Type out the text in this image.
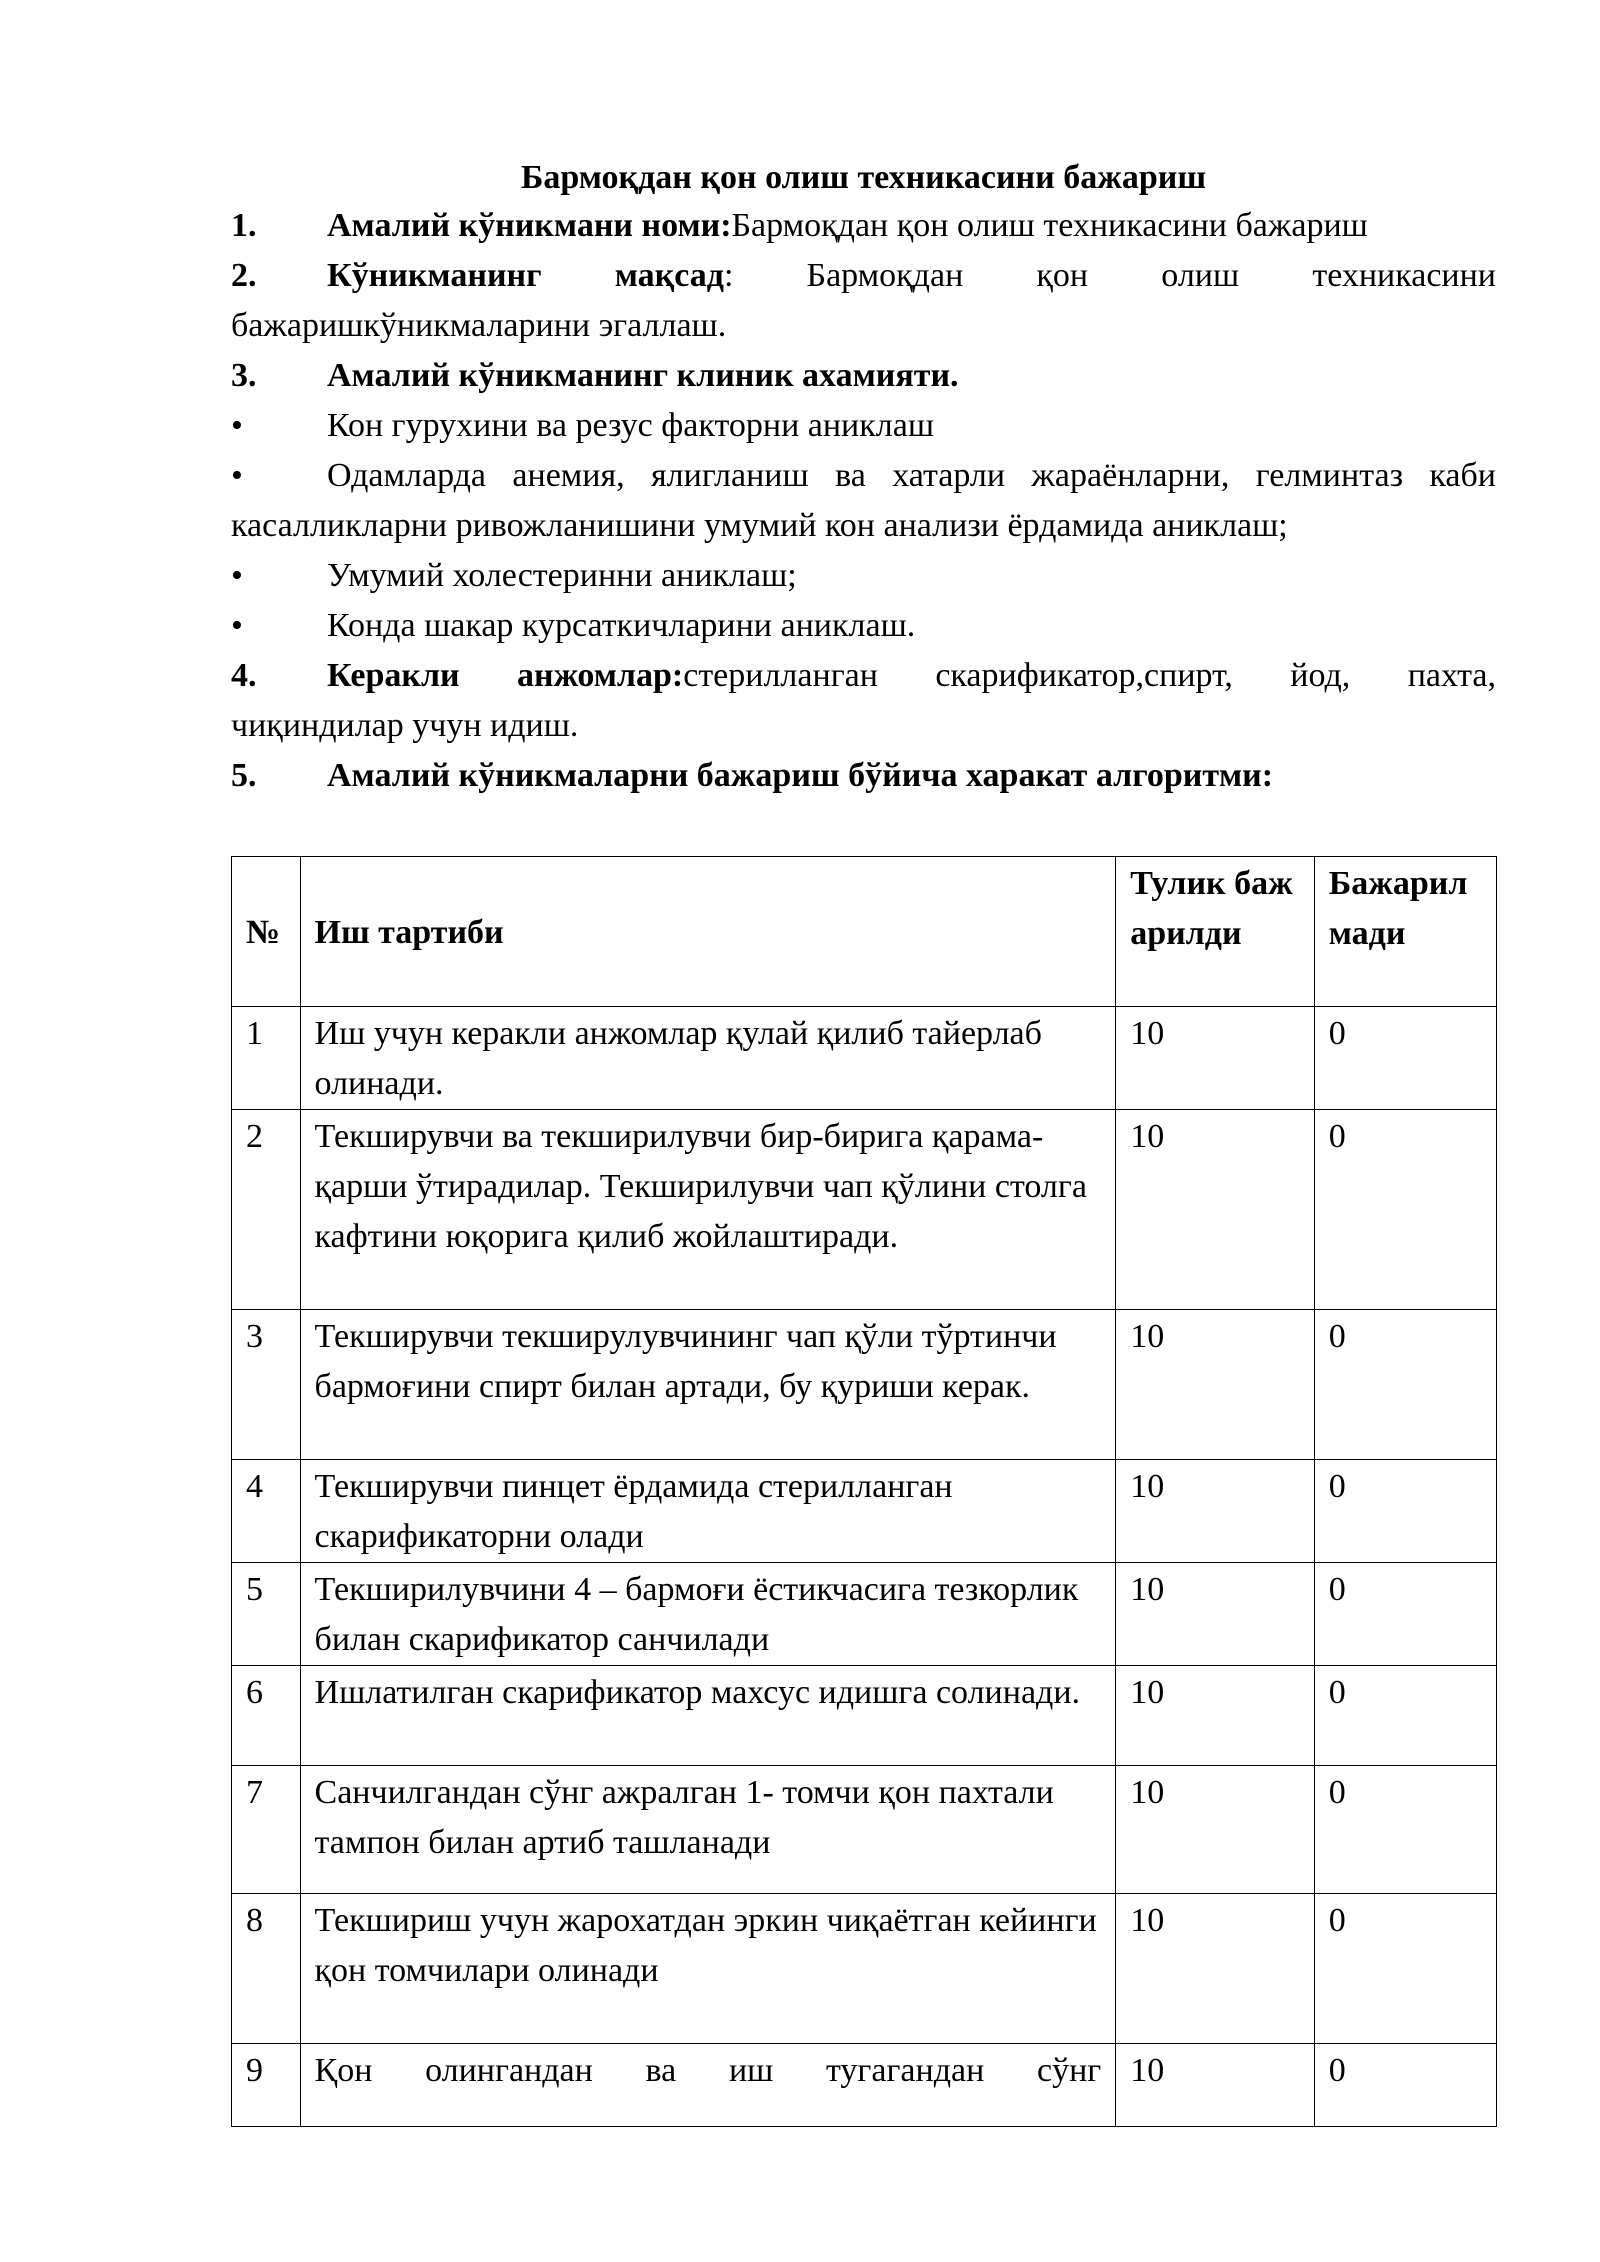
Бармоқдан қон олиш техникасини бажариш
1.	Амалий кўникмани номи:Бармоқдан қон олиш техникасини бажариш
2.	Кўникманинг мақсад: Бармоқдан қон олиш техникасини
бажаришкўникмаларини эгаллаш.
3.	Амалий кўникманинг клиник ахамияти.
•	Кон гурухини ва резус факторни аниклаш
•	Одамларда анемия, ялигланиш ва хатарли жараёнларни, гелминтаз каби
касалликларни ривожланишини умумий кон анализи ёрдамида аниклаш;
•	Умумий холестеринни аниклаш;
•	Конда шакар курсаткичларини аниклаш.
4.	Керакли анжомлар:стерилланган скарификатор,спирт, йод, пахта,
чиқиндилар учун идиш.
5.	Амалий кўникмаларни бажариш бўйича харакат алгоритми:
№	Иш тартиби	Тулик бажарилди	Бажарилмади
1	Иш учун керакли анжомлар қулай қилиб тайерлаб олинади.	10	0
2	Текширувчи ва текширилувчи бир-бирига қарама-қарши ўтирадилар. Текширилувчи чап қўлини столга кафтини юқорига қилиб жойлаштиради.	10	0
3	Текширувчи текширулувчининг чап қўли тўртинчи бармоғини спирт билан артади, бу қуриши керак.	10	0
4	Текширувчи пинцет ёрдамида стерилланган скарификаторни олади	10	0
5	Текширилувчини 4 – бармоғи ёстикчасига тезкорлик билан скарификатор санчилади	10	0
6	Ишлатилган скарификатор махсус идишга солинади.	10	0
7	Санчилгандан сўнг ажралган 1- томчи қон пахтали тампон билан артиб ташланади	10	0
8	Текшириш учун жарохатдан эркин чиқаётган кейинги қон томчилари олинади	10	0
9	Қон олингандан ва иш тугагандан сўнг	10	0
